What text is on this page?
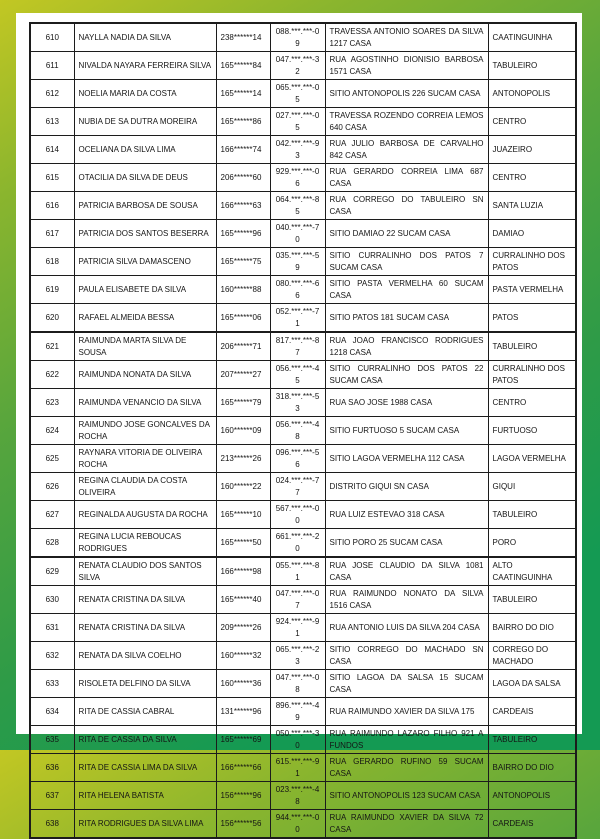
610	NAYLLA NADIA DA SILVA	238******14	088.***.***-09	TRAVESSA ANTONIO SOARES DA SILVA 1217 CASA	CAATINGUINHA
611	NIVALDA NAYARA FERREIRA SILVA	165******84	047.***.***-32	RUA AGOSTINHO DIONISIO BARBOSA 1571 CASA	TABULEIRO
612	NOELIA MARIA DA COSTA	165******14	065.***.***-05	SITIO ANTONOPOLIS 226 SUCAM CASA	ANTONOPOLIS
613	NUBIA DE SA DUTRA MOREIRA	165******86	027.***.***-05	TRAVESSA ROZENDO CORREIA LEMOS 640 CASA	CENTRO
614	OCELIANA DA SILVA LIMA	166******74	042.***.***-93	RUA JULIO BARBOSA DE CARVALHO 842 CASA	JUAZEIRO
615	OTACILIA DA SILVA DE DEUS	206******60	929.***.***-06	RUA GERARDO CORREIA LIMA 687 CASA	CENTRO
616	PATRICIA BARBOSA DE SOUSA	166******63	064.***.***-85	RUA CORREGO DO TABULEIRO SN CASA	SANTA LUZIA
617	PATRICIA DOS SANTOS BESERRA	165******96	040.***.***-70	SITIO DAMIAO 22 SUCAM CASA	DAMIAO
618	PATRICIA SILVA DAMASCENO	165******75	035.***.***-59	SITIO CURRALINHO DOS PATOS 7 SUCAM CASA	CURRALINHO DOS PATOS
619	PAULA ELISABETE DA SILVA	160******88	080.***.***-66	SITIO PASTA VERMELHA 60 SUCAM CASA	PASTA VERMELHA
620	RAFAEL ALMEIDA BESSA	165******06	052.***.***-71	SITIO PATOS 181 SUCAM CASA	PATOS
621	RAIMUNDA MARTA SILVA DE SOUSA	206******71	817.***.***-87	RUA JOAO FRANCISCO RODRIGUES 1218 CASA	TABULEIRO
622	RAIMUNDA NONATA DA SILVA	207******27	056.***.***-45	SITIO CURRALINHO DOS PATOS 22 SUCAM CASA	CURRALINHO DOS PATOS
623	RAIMUNDA VENANCIO DA SILVA	165******79	318.***.***-53	RUA SAO JOSE 1988 CASA	CENTRO
624	RAIMUNDO JOSE GONCALVES DA ROCHA	160******09	056.***.***-48	SITIO FURTUOSO 5 SUCAM CASA	FURTUOSO
625	RAYNARA VITORIA DE OLIVEIRA ROCHA	213******26	096.***.***-56	SITIO LAGOA VERMELHA 112 CASA	LAGOA VERMELHA
626	REGINA CLAUDIA DA COSTA OLIVEIRA	160******22	024.***.***-77	DISTRITO GIQUI SN CASA	GIQUI
627	REGINALDA AUGUSTA DA ROCHA	165******10	567.***.***-00	RUA LUIZ ESTEVAO 318 CASA	TABULEIRO
628	REGINA LUCIA REBOUCAS RODRIGUES	165******50	661.***.***-20	SITIO PORO 25 SUCAM CASA	PORO
629	RENATA CLAUDIO DOS SANTOS SILVA	166******98	055.***.***-81	RUA JOSE CLAUDIO DA SILVA 1081 CASA	ALTO CAATINGUINHA
630	RENATA CRISTINA DA SILVA	165******40	047.***.***-07	RUA RAIMUNDO NONATO DA SILVA 1516 CASA	TABULEIRO
631	RENATA CRISTINA DA SILVA	209******26	924.***.***-91	RUA ANTONIO LUIS DA SILVA 204 CASA	BAIRRO DO DIO
632	RENATA DA SILVA COELHO	160******32	065.***.***-23	SITIO CORREGO DO MACHADO SN CASA	CORREGO DO MACHADO
633	RISOLETA DELFINO DA SILVA	160******36	047.***.***-08	SITIO LAGOA DA SALSA 15 SUCAM CASA	LAGOA DA SALSA
634	RITA DE CASSIA CABRAL	131******96	896.***.***-49	RUA RAIMUNDO XAVIER DA SILVA 175	CARDEAIS
635	RITA DE CASSIA DA SILVA	165******69	050.***.***-30	RUA RAIMUNDO LAZARO FILHO 921 A FUNDOS	TABULEIRO
636	RITA DE CASSIA LIMA DA SILVA	166******66	615.***.***-91	RUA GERARDO RUFINO 59 SUCAM CASA	BAIRRO DO DIO
637	RITA HELENA BATISTA	156******96	023.***.***-48	SITIO ANTONOPOLIS 123 SUCAM CASA	ANTONOPOLIS
638	RITA RODRIGUES DA SILVA LIMA	156******56	944.***.***-00	RUA RAIMUNDO XAVIER DA SILVA 72 CASA	CARDEAIS
